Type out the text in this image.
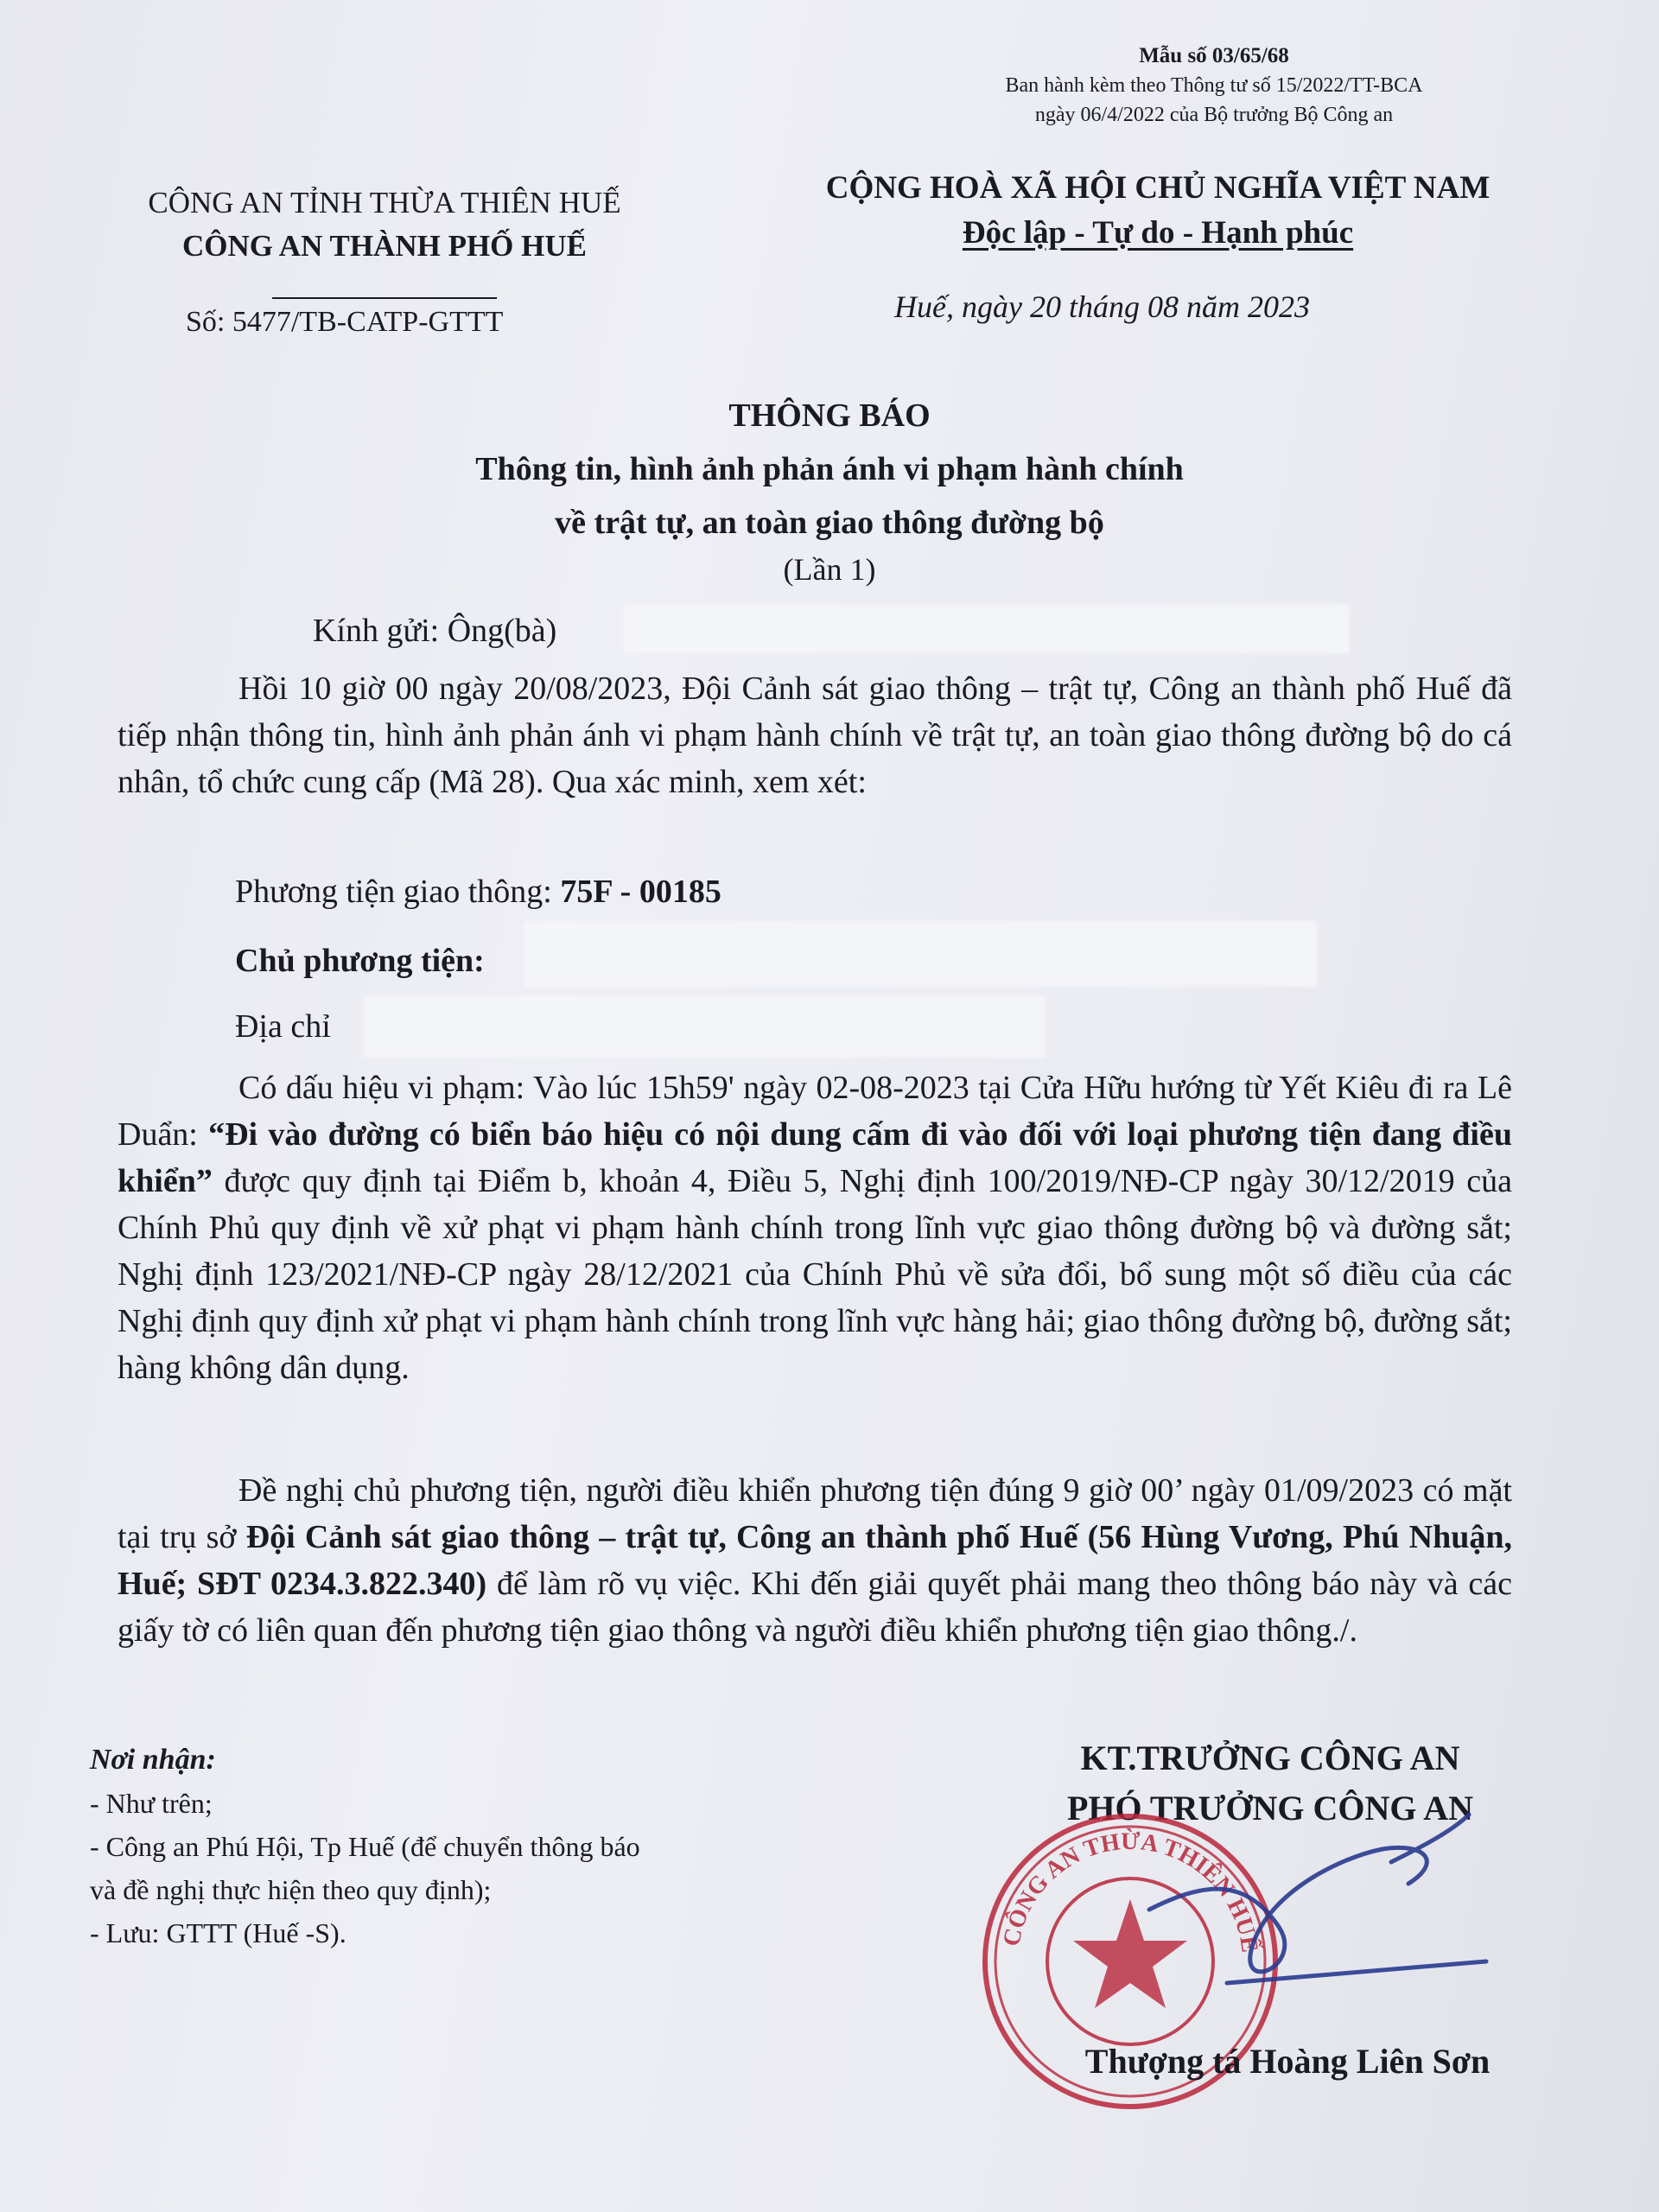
Mẫu số 03/65/68
Ban hành kèm theo Thông tư số 15/2022/TT-BCA
ngày 06/4/2022 của Bộ trưởng Bộ Công an
CÔNG AN TỈNH THỪA THIÊN HUẾ
CÔNG AN THÀNH PHỐ HUẾ
CỘNG HOÀ XÃ HỘI CHỦ NGHĨA VIỆT NAM
Độc lập - Tự do - Hạnh phúc
Số: 5477/TB-CATP-GTTT	Huế, ngày 20 tháng 08 năm 2023
THÔNG BÁO
Thông tin, hình ảnh phản ánh vi phạm hành chính
về trật tự, an toàn giao thông đường bộ
(Lần 1)
Kính gửi: Ông(bà)
Hồi 10 giờ 00 ngày 20/08/2023, Đội Cảnh sát giao thông – trật tự, Công an thành phố Huế đã tiếp nhận thông tin, hình ảnh phản ánh vi phạm hành chính về trật tự, an toàn giao thông đường bộ do cá nhân, tổ chức cung cấp (Mã 28). Qua xác minh, xem xét:
Phương tiện giao thông: 75F - 00185
Chủ phương tiện:
Địa chỉ
Có dấu hiệu vi phạm: Vào lúc 15h59' ngày 02-08-2023 tại Cửa Hữu hướng từ Yết Kiêu đi ra Lê Duẩn: “Đi vào đường có biển báo hiệu có nội dung cấm đi vào đối với loại phương tiện đang điều khiển” được quy định tại Điểm b, khoản 4, Điều 5, Nghị định 100/2019/NĐ-CP ngày 30/12/2019 của Chính Phủ quy định về xử phạt vi phạm hành chính trong lĩnh vực giao thông đường bộ và đường sắt; Nghị định 123/2021/NĐ-CP ngày 28/12/2021 của Chính Phủ về sửa đổi, bổ sung một số điều của các Nghị định quy định xử phạt vi phạm hành chính trong lĩnh vực hàng hải; giao thông đường bộ, đường sắt; hàng không dân dụng.
Đề nghị chủ phương tiện, người điều khiển phương tiện đúng 9 giờ 00’ ngày 01/09/2023 có mặt tại trụ sở Đội Cảnh sát giao thông – trật tự, Công an thành phố Huế (56 Hùng Vương, Phú Nhuận, Huế; SĐT 0234.3.822.340) để làm rõ vụ việc. Khi đến giải quyết phải mang theo thông báo này và các giấy tờ có liên quan đến phương tiện giao thông và người điều khiển phương tiện giao thông./.
Nơi nhận:
- Như trên;
- Công an Phú Hội, Tp Huế (để chuyển thông báo
và đề nghị thực hiện theo quy định);
- Lưu: GTTT (Huế -S).
KT.TRƯỞNG CÔNG AN
PHÓ TRƯỞNG CÔNG AN
CÔNG AN THỪA THIÊN HUẾ
Thượng tá Hoàng Liên Sơn
